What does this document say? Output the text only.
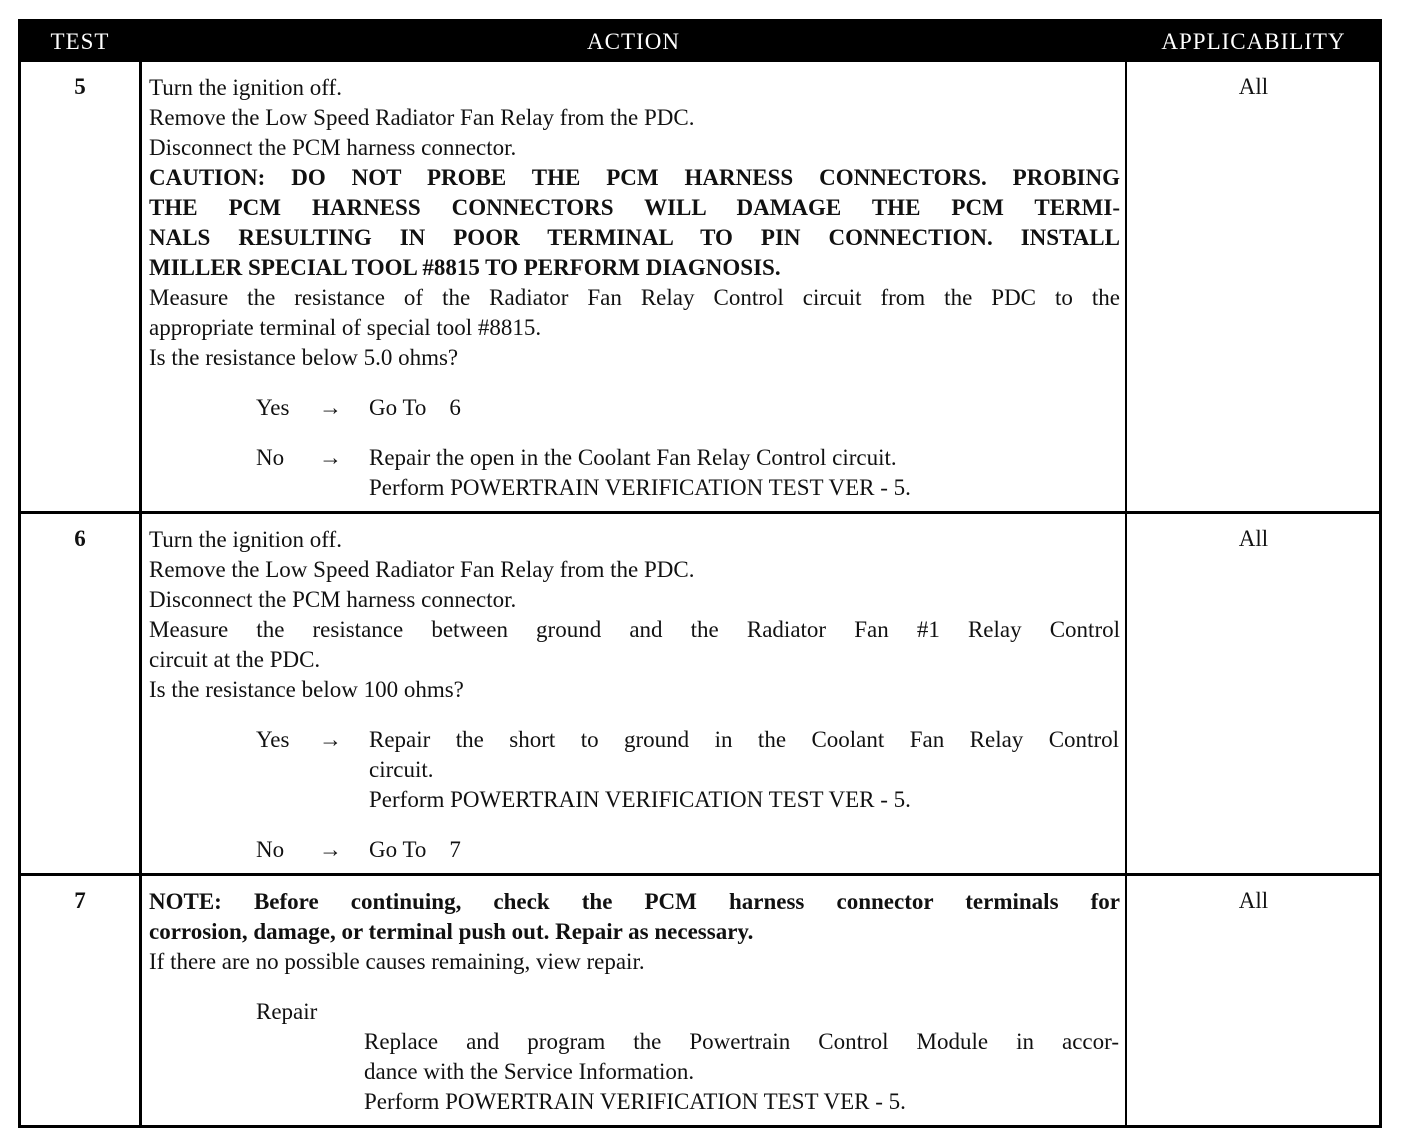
TEST	ACTION	APPLICABILITY
5	Turn the ignition off.
Remove the Low Speed Radiator Fan Relay from the PDC.
Disconnect the PCM harness connector.
CAUTION: DO NOT PROBE THE PCM HARNESS CONNECTORS. PROBING
THE PCM HARNESS CONNECTORS WILL DAMAGE THE PCM TERMI-
NALS RESULTING IN POOR TERMINAL TO PIN CONNECTION. INSTALL
MILLER SPECIAL TOOL #8815 TO PERFORM DIAGNOSIS.
Measure the resistance of the Radiator Fan Relay Control circuit from the PDC to the
appropriate terminal of special tool #8815.
Is the resistance below 5.0 ohms?
Yes → Go To    6
No → Repair the open in the Coolant Fan Relay Control circuit.
Perform POWERTRAIN VERIFICATION TEST VER - 5.
All
6	Turn the ignition off.
Remove the Low Speed Radiator Fan Relay from the PDC.
Disconnect the PCM harness connector.
Measure the resistance between ground and the Radiator Fan #1 Relay Control
circuit at the PDC.
Is the resistance below 100 ohms?
Yes → Repair the short to ground in the Coolant Fan Relay Control
circuit.
Perform POWERTRAIN VERIFICATION TEST VER - 5.
No → Go To    7
All
7	NOTE: Before continuing, check the PCM harness connector terminals for
corrosion, damage, or terminal push out. Repair as necessary.
If there are no possible causes remaining, view repair.
Repair
Replace and program the Powertrain Control Module in accor-
dance with the Service Information.
Perform POWERTRAIN VERIFICATION TEST VER - 5.
All
